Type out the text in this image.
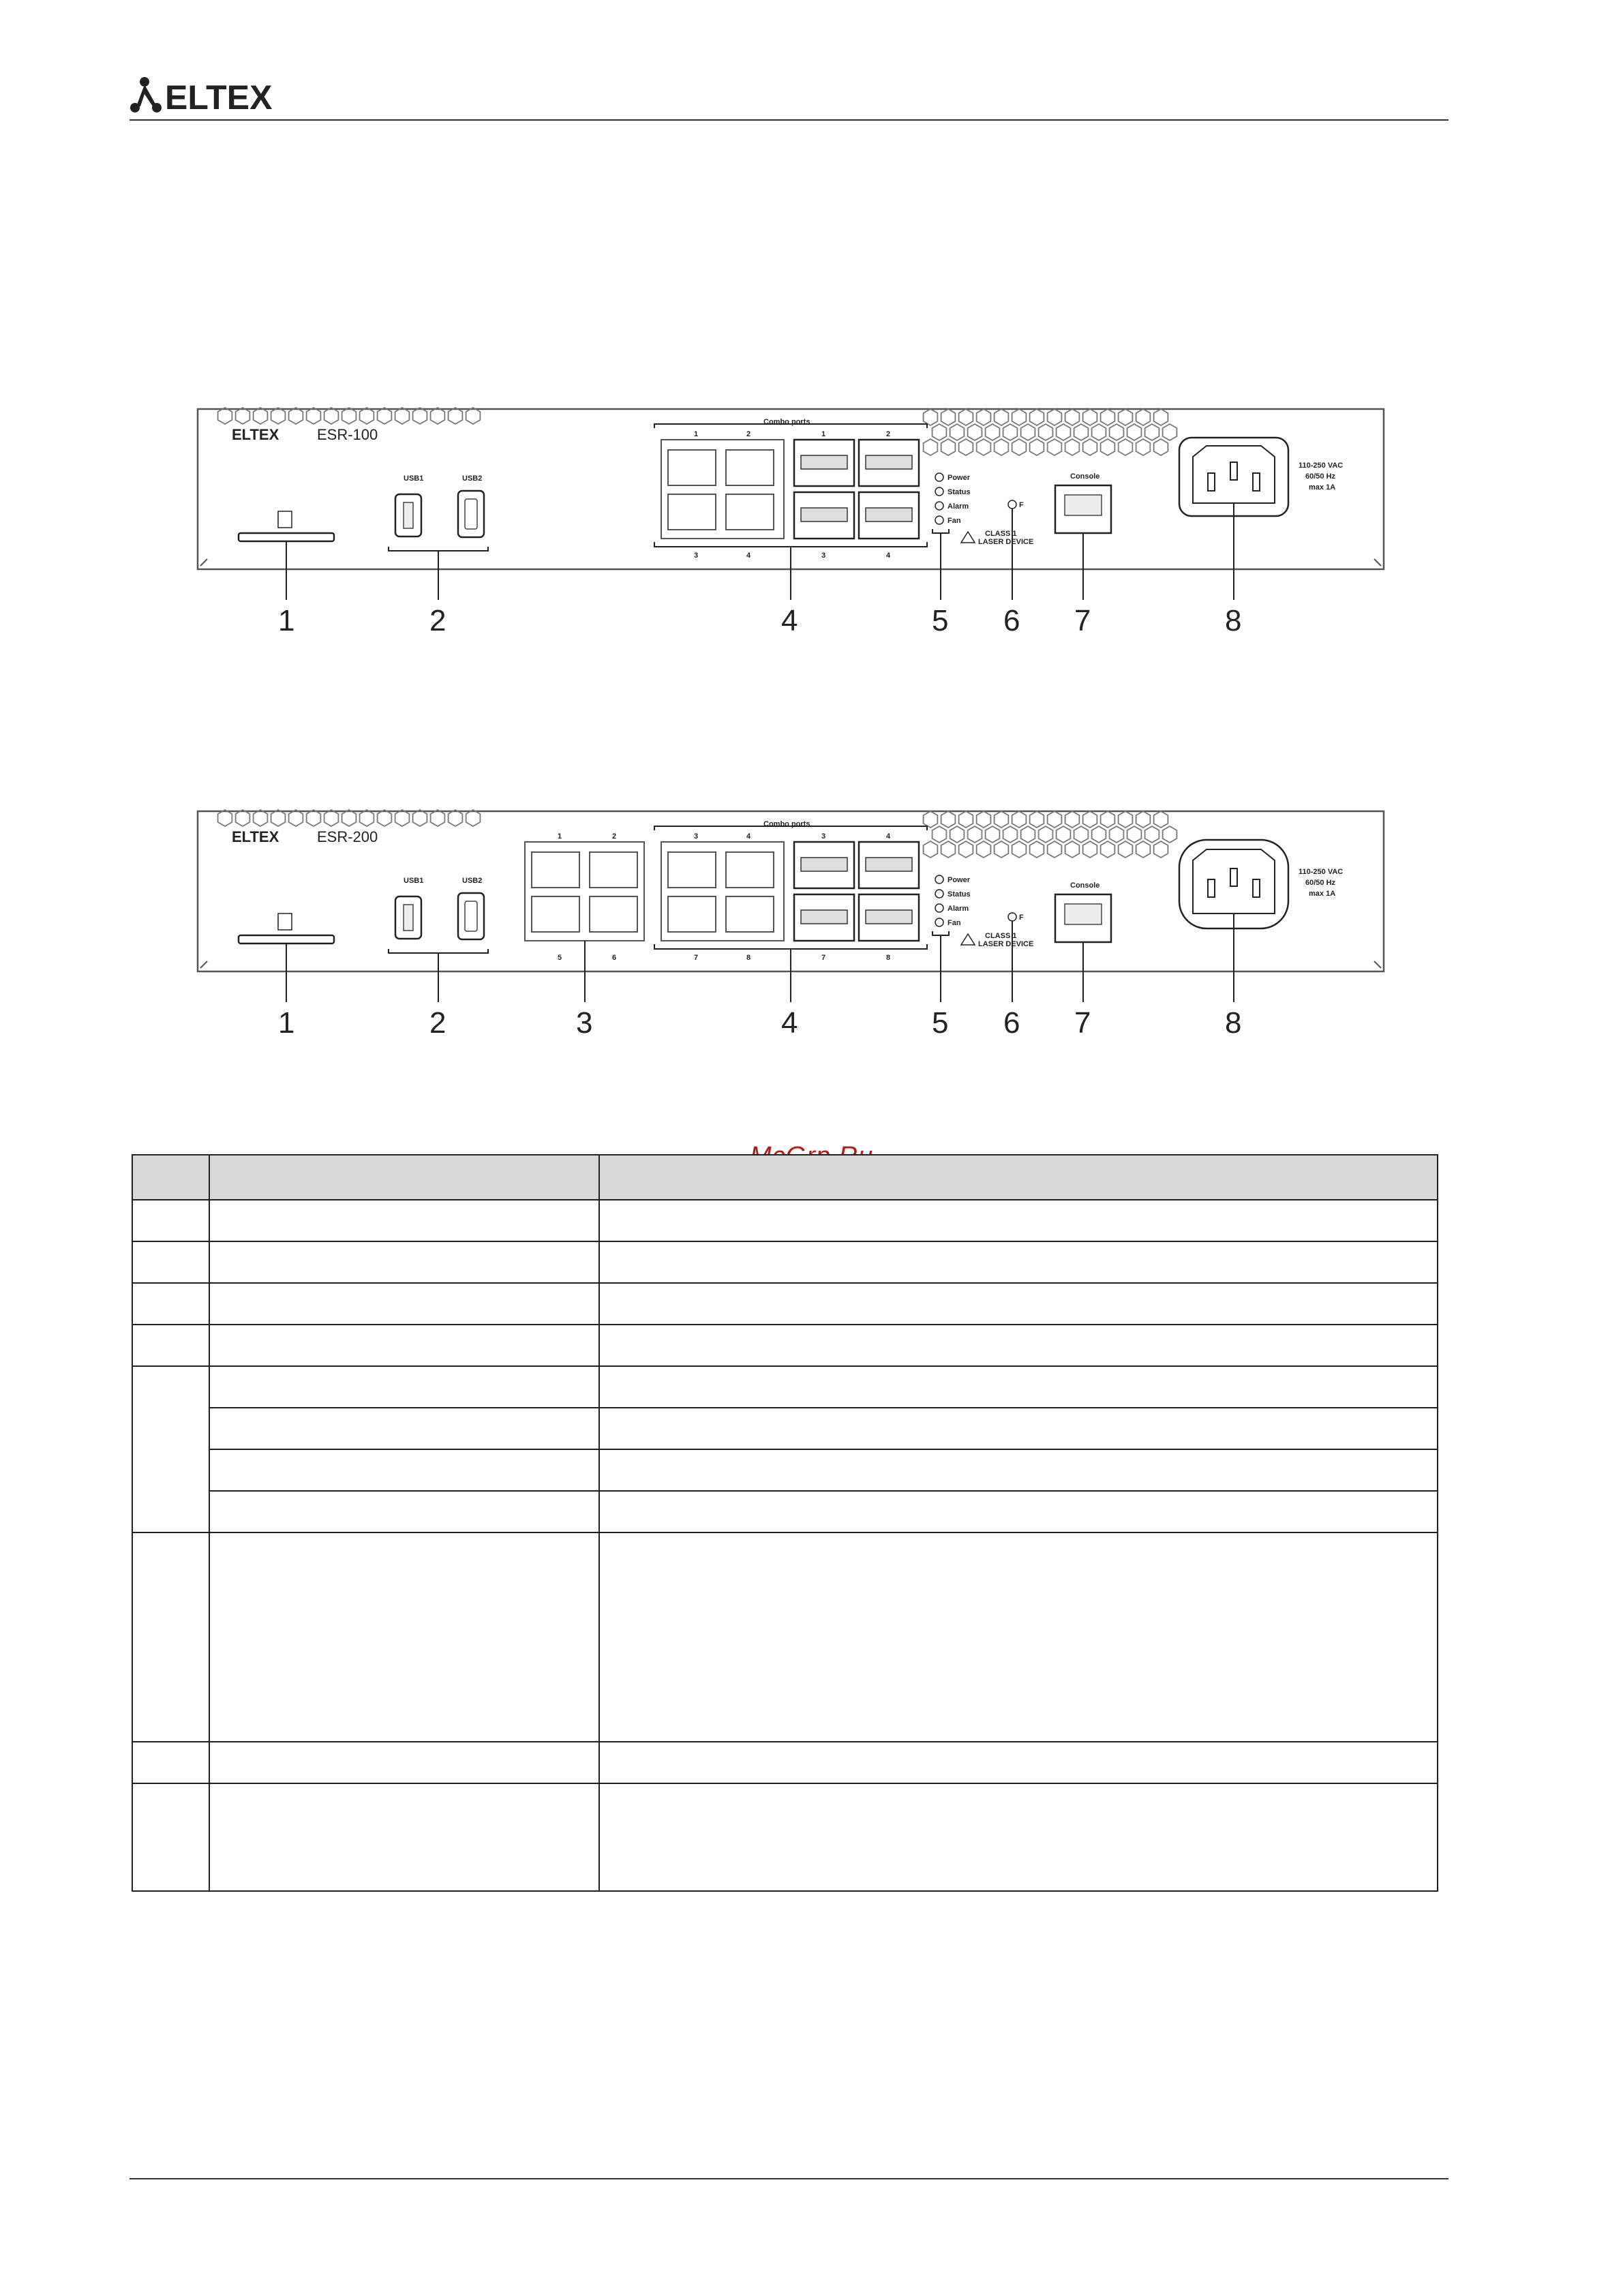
ELTEX
ELTEX	ESR-100
USB1	USB2
Combo ports
1	2	1	2
3	4	3	4
Power
Status
Alarm
Fan
CLASS 1
LASER DEVICE
F
Console
110-250 VAC
60/50 Hz
max 1A
1	2	4	5 6 7	8
ELTEX	ESR-200
USB1	USB2
1	2
5	6
Combo ports
3	4	3	4
7	8	7	8
Power
Status
Alarm
Fan
CLASS 1
LASER DEVICE
F
Console
110-250 VAC
60/50 Hz
max 1A
1	2	3	4	5 6 7	8
